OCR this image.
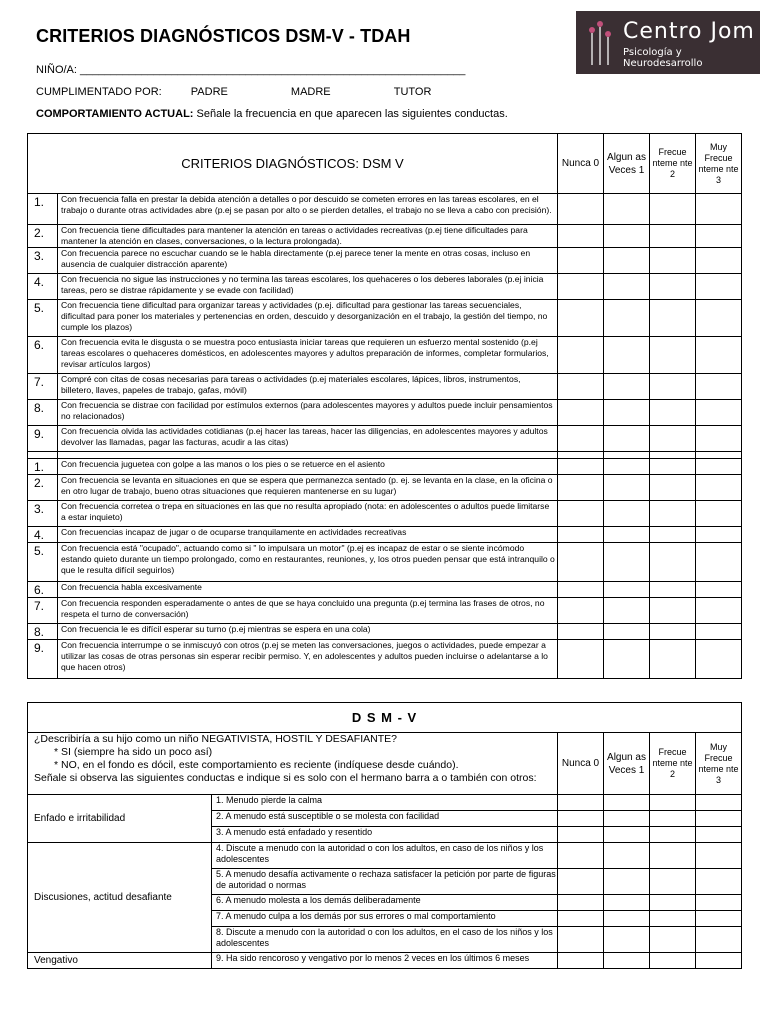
CRITERIOS DIAGNÓSTICOS DSM-V - TDAH
NIÑO/A: _______________________________________________________________
CUMPLIMENTADO POR:	PADRE	MADRE	TUTOR
COMPORTAMIENTO ACTUAL: Señale la frecuencia en que aparecen las siguientes conductas.
Centro Jom
Psicología y Neurodesarrollo
CRITERIOS DIAGNÓSTICOS: DSM V		Nunca 0	Algun as Veces 1	Frecue nteme nte 2	Muy Frecue nteme nte 3
1.	Con frecuencia falla en prestar la debida atención a detalles o por descuido se cometen errores en las tareas escolares, en el trabajo o durante otras actividades abre (p.ej se pasan por alto o se pierden detalles, el trabajo no se lleva a cabo con precisión).				
2.	Con frecuencia tiene dificultades para mantener la atención en tareas o actividades recreativas (p.ej tiene dificultades para mantener la atención en clases, conversaciones, o la lectura prolongada).				
3.	Con frecuencia parece no escuchar cuando se le habla directamente (p.ej parece tener la mente en otras cosas, incluso en ausencia de cualquier distracción aparente)				
4.	Con frecuencia no sigue las instrucciones y no termina las tareas escolares, los quehaceres o los deberes laborales (p.ej inicia tareas, pero se distrae rápidamente y se evade con facilidad)				
5.	Con frecuencia tiene dificultad para organizar tareas y actividades (p.ej. dificultad para gestionar las tareas secuenciales, dificultad para poner los materiales y pertenencias en orden, descuido y desorganización en el trabajo, la gestión del tiempo, no cumple los plazos)				
6.	Con frecuencia evita le disgusta o se muestra poco entusiasta iniciar tareas que requieren un esfuerzo mental sostenido (p.ej tareas escolares o quehaceres domésticos, en adolescentes mayores y adultos preparación de informes, completar formularios, revisar artículos largos)				
7.	Compré con citas de cosas necesarias para tareas o actividades (p.ej materiales escolares, lápices, libros, instrumentos, billetero, llaves, papeles de trabajo, gafas, móvil)				
8.	Con frecuencia se distrae con facilidad por estímulos externos (para adolescentes mayores y adultos puede incluir pensamientos no relacionados)				
9.	Con frecuencia olvida las actividades cotidianas (p.ej hacer las tareas, hacer las diligencias, en adolescentes mayores y adultos devolver las llamadas, pagar las facturas, acudir a las citas)				

1.	Con frecuencia juguetea con golpe a las manos o los pies o se retuerce en el asiento				
2.	Con frecuencia se levanta en situaciones en que se espera que permanezca sentado (p. ej. se levanta en la clase, en la oficina o en otro lugar de trabajo, bueno otras situaciones que requieren mantenerse en su lugar)				
3.	Con frecuencia corretea o trepa en situaciones en las que no resulta apropiado (nota: en adolescentes o adultos puede limitarse a estar inquieto)				
4.	Con frecuencias incapaz de jugar o de ocuparse tranquilamente en actividades recreativas				
5.	Con frecuencia está "ocupado", actuando como si " lo impulsara un motor" (p.ej es incapaz de estar o se siente incómodo estando quieto durante un tiempo prolongado, como en restaurantes, reuniones, y, los otros pueden pensar que está intranquilo o que le resulta difícil seguirlos)				
6.	Con frecuencia habla excesivamente				
7.	Con frecuencia responden esperadamente o antes de que se haya concluido una pregunta (p.ej termina las frases de otros, no respeta el turno de conversación)				
8.	Con frecuencia le es difícil esperar su turno (p.ej mientras se espera en una cola)				
9.	Con frecuencia interrumpe o se inmiscuyó con otros (p.ej se meten las conversaciones, juegos o actividades, puede empezar a utilizar las cosas de otras personas sin esperar recibir permiso. Y, en adolescentes y adultos pueden incluirse o adelantarse a lo que hacen otros)				
D S M - V					

¿Describiría a su hijo como un niño NEGATIVISTA, HOSTIL Y DESAFIANTE?
* SI (siempre ha sido un poco así)
* NO, en el fondo es dócil, este comportamiento es reciente (indíquese desde cuándo).
Señale si observa las siguientes conductas e indique si es solo con el hermano barra a o también con otros:		Nunca 0	Algun as Veces 1	Frecue nteme nte 2	Muy Frecue nteme nte 3
Enfado e irritabilidad	1. Menudo pierde la calma				
	2. A menudo está susceptible o se molesta con facilidad				
	3. A menudo está enfadado y resentido				
Discusiones, actitud desafiante	4. Discute a menudo con la autoridad o con los adultos, en caso de los niños y los adolescentes				
	5. A menudo desafía activamente o rechaza satisfacer la petición por parte de figuras de autoridad o normas				
	6. A menudo molesta a los demás deliberadamente				
	7. A menudo culpa a los demás por sus errores o mal comportamiento				
	8. Discute a menudo con la autoridad o con los adultos, en el caso de los niños y los adolescentes				
Vengativo	9. Ha sido rencoroso y vengativo por lo menos 2 veces en los últimos 6 meses				
